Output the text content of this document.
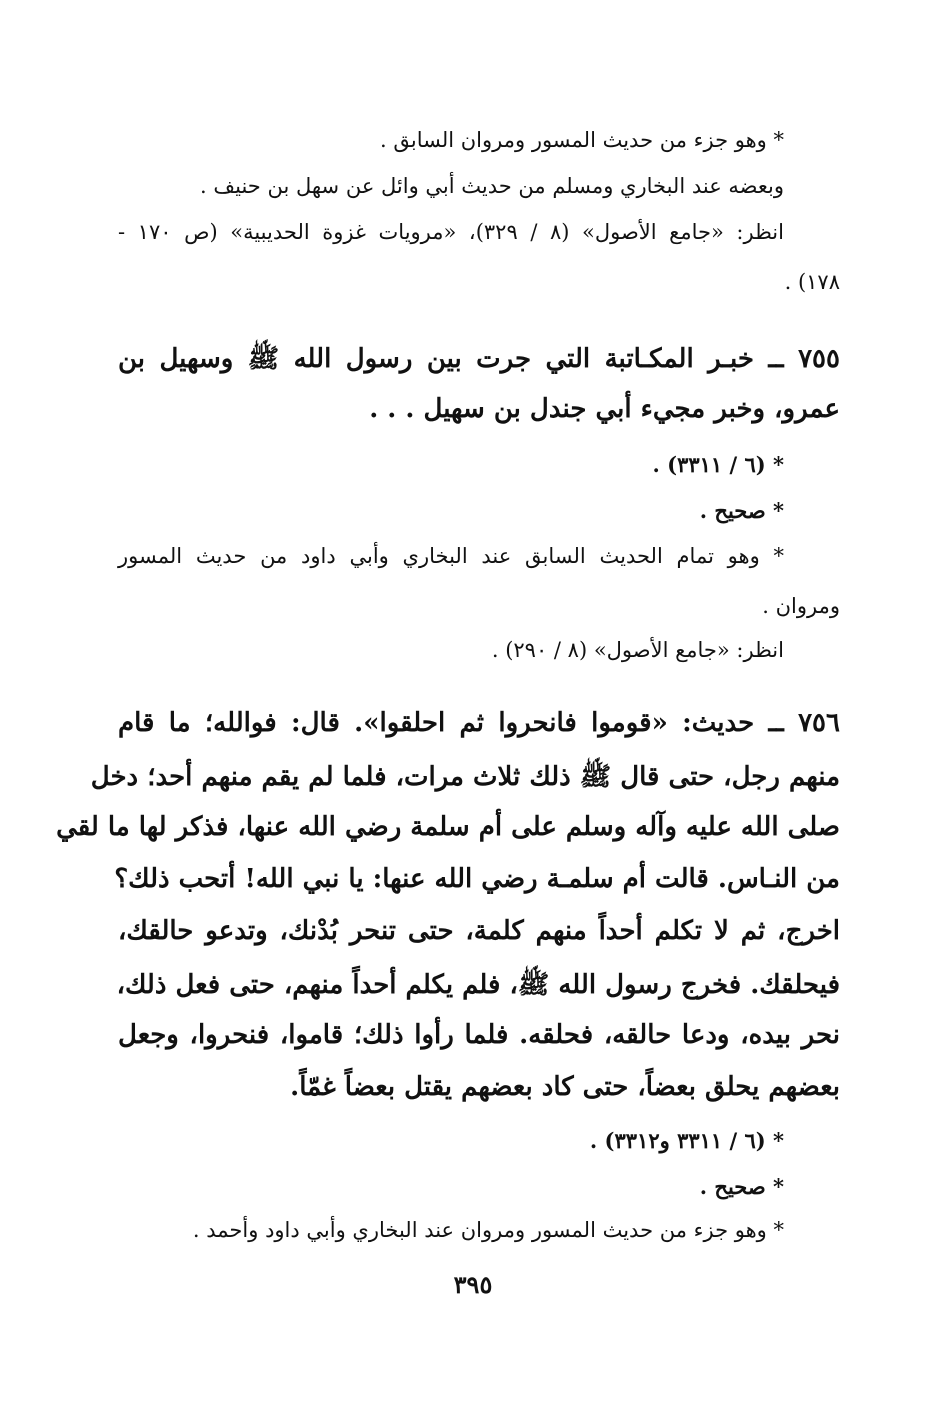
* وهو جزء من حديث المسور ومروان السابق .
وبعضه عند البخاري ومسلم من حديث أبي وائل عن سهل بن حنيف .
انظر: «جامع الأصول» (٨ / ٣٢٩)، «مرويات غزوة الحديبية» (ص ١٧٠ -
١٧٨) .
٧٥٥ ــ خبـر المكـاتبة التي جرت بين رسول الله ﷺ وسهيل بن
عمرو، وخبر مجيء أبي جندل بن سهيل . . .
* (٦ / ٣٣١١) .
* صحيح .
* وهو تمام الحديث السابق عند البخاري وأبي داود من حديث المسور
ومروان .
انظر: «جامع الأصول» (٨ / ٢٩٠) .
٧٥٦ ــ حديث: «قوموا فانحروا ثم احلقوا». قال: فوالله؛ ما قام
منهم رجل، حتى قال ﷺ ذلك ثلاث مرات، فلما لم يقم منهم أحد؛ دخل
صلى الله عليه وآله وسلم على أم سلمة رضي الله عنها، فذكر لها ما لقي
من النـاس. قالت أم سلمـة رضي الله عنها: يا نبي الله! أتحب ذلك؟
اخرج، ثم لا تكلم أحداً منهم كلمة، حتى تنحر بُدْنك، وتدعو حالقك،
فيحلقك. فخرج رسول الله ﷺ، فلم يكلم أحداً منهم، حتى فعل ذلك،
نحر بيده، ودعا حالقه، فحلقه. فلما رأوا ذلك؛ قاموا، فنحروا، وجعل
بعضهم يحلق بعضاً، حتى كاد بعضهم يقتل بعضاً غمّاً.
* (٦ / ٣٣١١ و٣٣١٢) .
* صحيح .
* وهو جزء من حديث المسور ومروان عند البخاري وأبي داود وأحمد .
٣٩٥
